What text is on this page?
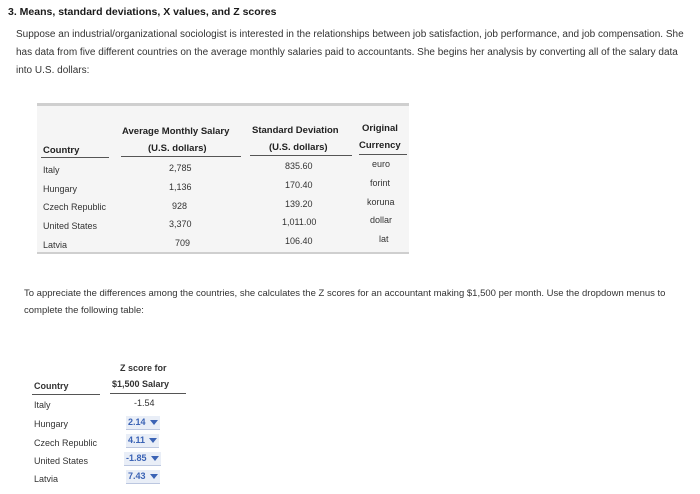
3. Means, standard deviations, X values, and Z scores
Suppose an industrial/organizational sociologist is interested in the relationships between job satisfaction, job performance, and job compensation. She has data from five different countries on the average monthly salaries paid to accountants. She begins her analysis by converting all of the salary data into U.S. dollars:
Average Monthly Salary
(U.S. dollars)
Standard Deviation
(U.S. dollars)
Original
Currency
Country
Italy	2,785	835.60	euro
Hungary	1,136	170.40	forint
Czech Republic	928	139.20	koruna
United States	3,370	1,011.00	dollar
Latvia	709	106.40	lat
To appreciate the differences among the countries, she calculates the Z scores for an accountant making $1,500 per month. Use the dropdown menus to complete the following table:
Z score for
$1,500 Salary
Country
Italy	-1.54
Hungary	2.14
Czech Republic	4.11
United States	-1.85
Latvia	7.43
